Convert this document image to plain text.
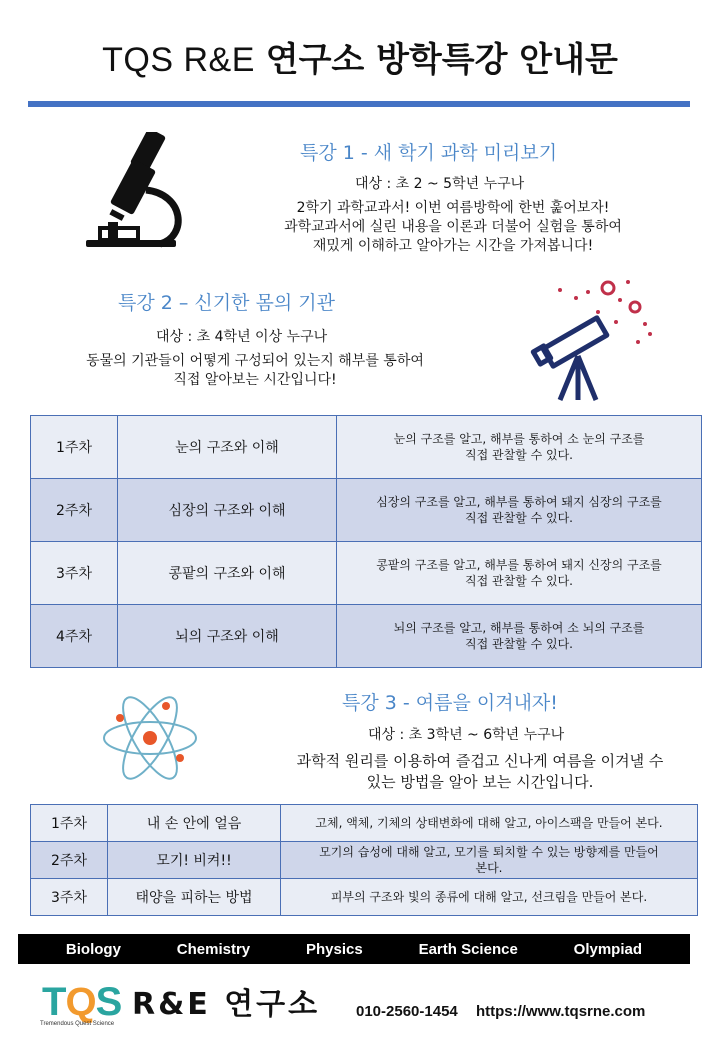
TQS R&E 연구소 방학특강 안내문
특강 1 - 새 학기 과학 미리보기
대상 : 초 2 ~ 5학년 누구나
2학기 과학교과서! 이번 여름방학에 한번 훑어보자!
과학교과서에 실린 내용을 이론과 더불어 실험을 통하여
재밌게 이해하고 알아가는 시간을 가져봅니다!
특강 2 – 신기한 몸의 기관
대상 : 초 4학년 이상 누구나
동물의 기관들이 어떻게 구성되어 있는지 해부를 통하여
직접 알아보는 시간입니다!
1주차	눈의 구조와 이해	눈의 구조를 알고, 해부를 통하여 소 눈의 구조를
직접 관찰할 수 있다.

2주차	심장의 구조와 이해	심장의 구조를 알고, 해부를 통하여 돼지 심장의 구조를
직접 관찰할 수 있다.

3주차	콩팥의 구조와 이해	콩팥의 구조를 알고, 해부를 통하여 돼지 신장의 구조를
직접 관찰할 수 있다.

4주차	뇌의 구조와 이해	뇌의 구조를 알고, 해부를 통하여 소 뇌의 구조를
직접 관찰할 수 있다.
특강 3 - 여름을 이겨내자!
대상 : 초 3학년 ~ 6학년 누구나
과학적 원리를 이용하여 즐겁고 신나게 여름을 이겨낼 수
있는 방법을 알아 보는 시간입니다.
1주차	내 손 안에 얼음	고체, 액체, 기체의 상태변화에 대해 알고, 아이스팩을 만들어 본다.

2주차	모기! 비켜!!	모기의 습성에 대해 알고, 모기를 퇴치할 수 있는 방향제를 만들어
본다.

3주차	태양을 피하는 방법	피부의 구조와 빛의 종류에 대해 알고, 선크림을 만들어 본다.
Biology	Chemistry	Physics	Earth Science	Olympiad
TQS
Tremendous Quest Science
R&E 연구소 010-2560-1454 https://www.tqsrne.com
